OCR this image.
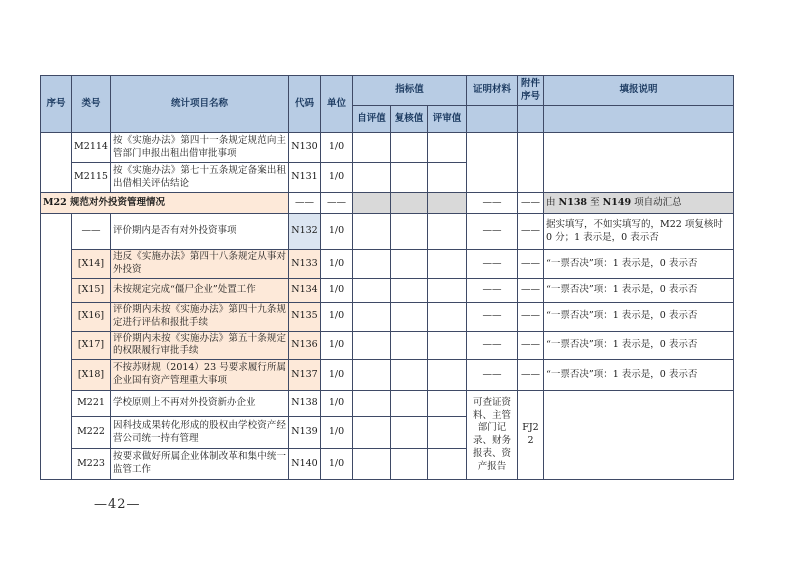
序号	类号	统计项目名称	代码	单位	指标值			证明材料	附件序号	填报说明
					自评值	复核值	评审值			
	M2114	按《实施办法》第四十一条规定规范向主管部门申报出租出借审批事项	N130	1/0						
	M2115	按《实施办法》第七十五条规定备案出租出借相关评估结论	N131	1/0						
M22 规范对外投资管理情况			——	——				——	——	由 N138 至 N149 项自动汇总
	——	评价期内是否有对外投资事项	N132	1/0				——	——	据实填写，不如实填写的，M22 项复核时 0 分；1 表示是，0 表示否
	[X14]	违反《实施办法》第四十八条规定从事对外投资	N133	1/0				——	——	“一票否决”项：1 表示是，0 表示否
	[X15]	未按规定完成“僵尸企业”处置工作	N134	1/0				——	——	“一票否决”项：1 表示是，0 表示否
	[X16]	评价期内未按《实施办法》第四十九条规定进行评估和报批手续	N135	1/0				——	——	“一票否决”项：1 表示是，0 表示否
	[X17]	评价期内未按《实施办法》第五十条规定的权限履行审批手续	N136	1/0				——	——	“一票否决”项：1 表示是，0 表示否
	[X18]	不按苏财规（2014）23 号要求履行所属企业国有资产管理重大事项	N137	1/0				——	——	“一票否决”项：1 表示是，0 表示否
	M221	学校原则上不再对外投资新办企业	N138	1/0				可查证资料、主管部门记录、财务报表、资产报告	FJ22	
	M222	因科技成果转化形成的股权由学校资产经营公司统一持有管理	N139	1/0						
	M223	按要求做好所属企业体制改革和集中统一监管工作	N140	1/0						
—42—
